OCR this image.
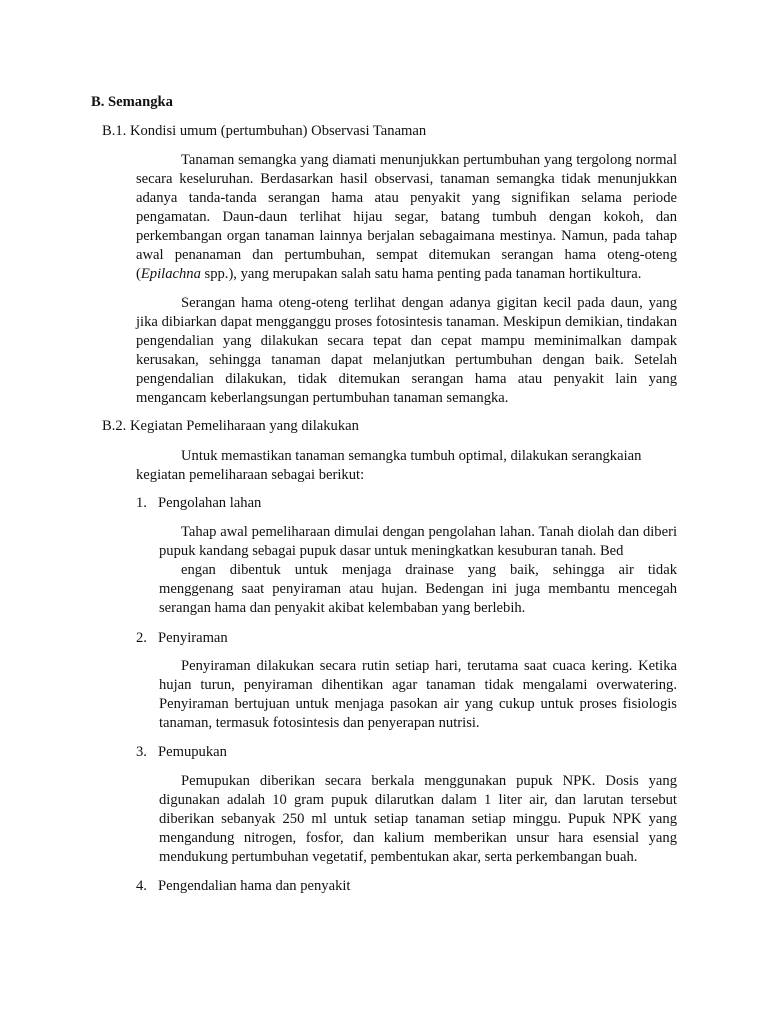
B. Semangka
B.1. Kondisi umum (pertumbuhan) Observasi Tanaman

Tanaman semangka yang diamati menunjukkan pertumbuhan yang tergolong normal secara keseluruhan. Berdasarkan hasil observasi, tanaman semangka tidak menunjukkan adanya tanda-tanda serangan hama atau penyakit yang signifikan selama periode pengamatan. Daun-daun terlihat hijau segar, batang tumbuh dengan kokoh, dan perkembangan organ tanaman lainnya berjalan sebagaimana mestinya. Namun, pada tahap awal penanaman dan pertumbuhan, sempat ditemukan serangan hama oteng-oteng (Epilachna spp.), yang merupakan salah satu hama penting pada tanaman hortikultura.

Serangan hama oteng-oteng terlihat dengan adanya gigitan kecil pada daun, yang jika dibiarkan dapat mengganggu proses fotosintesis tanaman. Meskipun demikian, tindakan pengendalian yang dilakukan secara tepat dan cepat mampu meminimalkan dampak kerusakan, sehingga tanaman dapat melanjutkan pertumbuhan dengan baik. Setelah pengendalian dilakukan, tidak ditemukan serangan hama atau penyakit lain yang mengancam keberlangsungan pertumbuhan tanaman semangka.

B.2. Kegiatan Pemeliharaan yang dilakukan

Untuk memastikan tanaman semangka tumbuh optimal, dilakukan serangkaian kegiatan pemeliharaan sebagai berikut:

1. Pengolahan lahan

Tahap awal pemeliharaan dimulai dengan pengolahan lahan. Tanah diolah dan diberi pupuk kandang sebagai pupuk dasar untuk meningkatkan kesuburan tanah. Bed
engan dibentuk untuk menjaga drainase yang baik, sehingga air tidak
menggenang saat penyiraman atau hujan. Bedengan ini juga membantu mencegah serangan hama dan penyakit akibat kelembaban yang berlebih.

2. Penyiraman

Penyiraman dilakukan secara rutin setiap hari, terutama saat cuaca kering. Ketika hujan turun, penyiraman dihentikan agar tanaman tidak mengalami overwatering. Penyiraman bertujuan untuk menjaga pasokan air yang cukup untuk proses fisiologis tanaman, termasuk fotosintesis dan penyerapan nutrisi.

3. Pemupukan

Pemupukan diberikan secara berkala menggunakan pupuk NPK. Dosis yang digunakan adalah 10 gram pupuk dilarutkan dalam 1 liter air, dan larutan tersebut diberikan sebanyak 250 ml untuk setiap tanaman setiap minggu. Pupuk NPK yang mengandung nitrogen, fosfor, dan kalium memberikan unsur hara esensial yang mendukung pertumbuhan vegetatif, pembentukan akar, serta perkembangan buah.

4. Pengendalian hama dan penyakit
